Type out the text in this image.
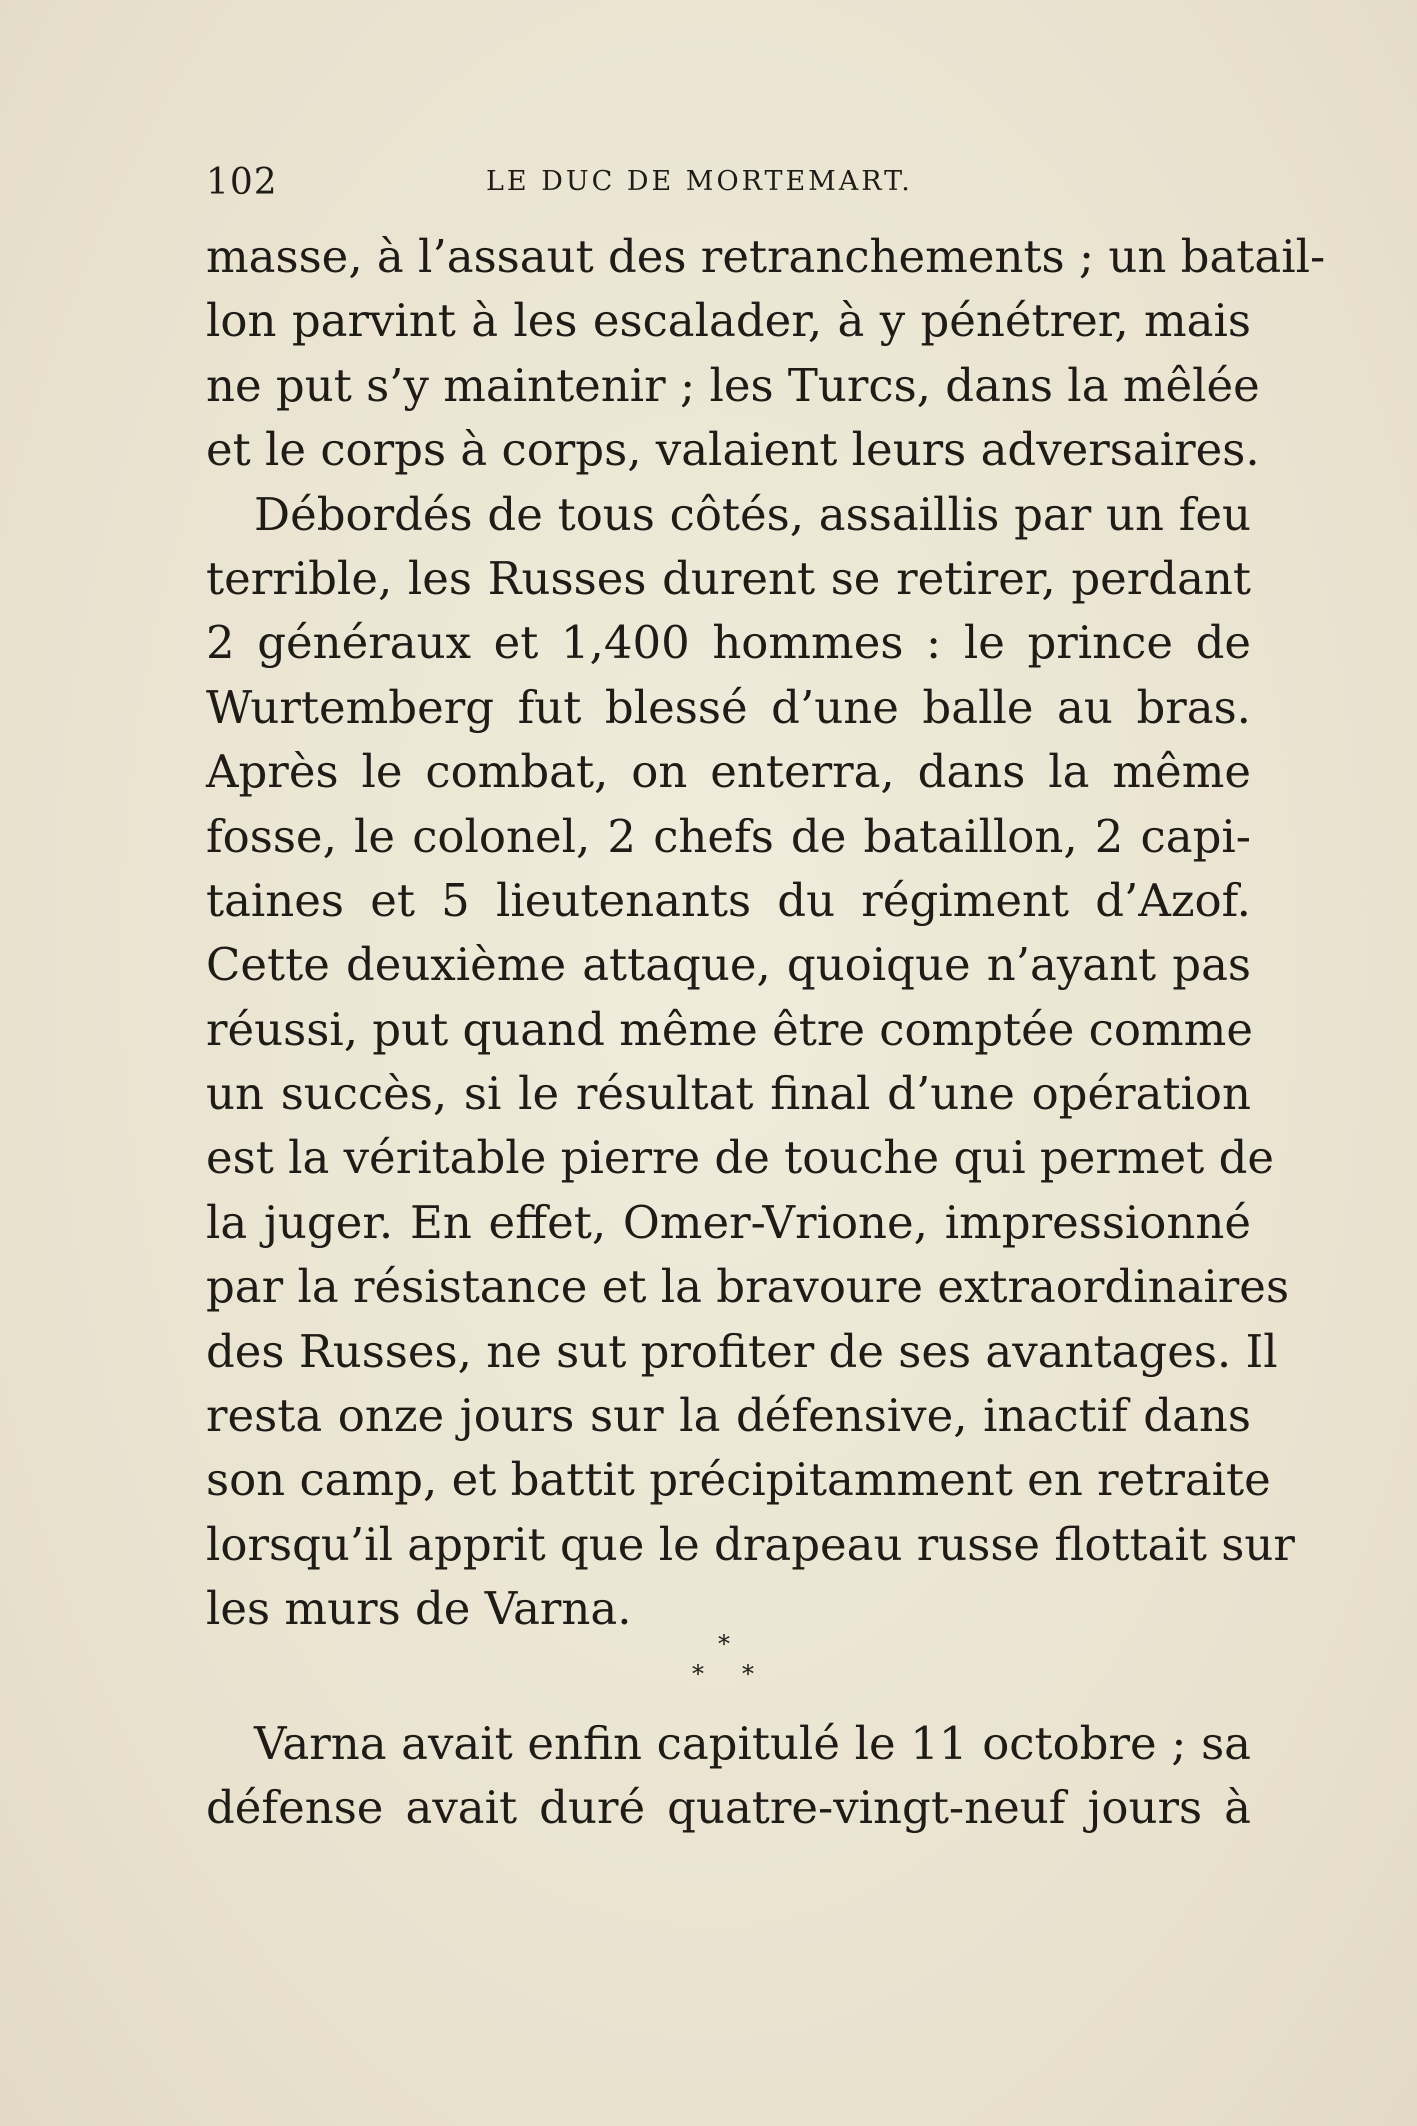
102	LE DUC DE MORTEMART.
masse, à l’assaut des retranchements ; un batail-
lon parvint à les escalader, à y pénétrer, mais
ne put s’y maintenir ; les Turcs, dans la mêlée
et le corps à corps, valaient leurs adversaires.
Débordés de tous côtés, assaillis par un feu
terrible, les Russes durent se retirer, perdant
2 généraux et 1,400 hommes : le prince de
Wurtemberg fut blessé d’une balle au bras.
Après le combat, on enterra, dans la même
fosse, le colonel, 2 chefs de bataillon, 2 capi-
taines et 5 lieutenants du régiment d’Azof.
Cette deuxième attaque, quoique n’ayant pas
réussi, put quand même être comptée comme
un succès, si le résultat final d’une opération
est la véritable pierre de touche qui permet de
la juger. En effet, Omer-Vrione, impressionné
par la résistance et la bravoure extraordinaires
des Russes, ne sut profiter de ses avantages. Il
resta onze jours sur la défensive, inactif dans
son camp, et battit précipitamment en retraite
lorsqu’il apprit que le drapeau russe flottait sur
les murs de Varna.
*
* *
Varna avait enfin capitulé le 11 octobre ; sa
défense avait duré quatre-vingt-neuf jours à
